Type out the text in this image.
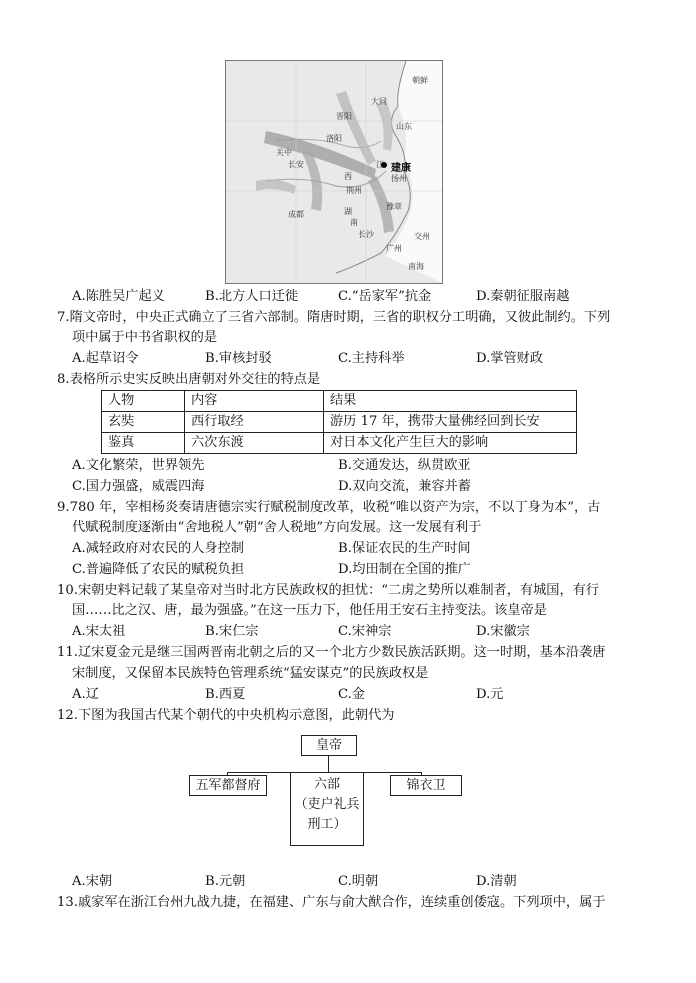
大同
晋阳
洛阳
关中
长安	建康
成都
荆州
长沙
扬州
江
西
湖
南
广州
交州
南海
山东
豫章
朝鲜
A.陈胜吴广起义	B.北方人口迁徙	C.“岳家军”抗金	D.秦朝征服南越
7.隋文帝时，中央正式确立了三省六部制。隋唐时期，三省的职权分工明确，又彼此制约。下列
项中属于中书省职权的是
A.起草诏令	B.审核封驳	C.主持科举	D.掌管财政
8.表格所示史实反映出唐朝对外交往的特点是
人物	内容	结果
玄奘	西行取经	游历 17 年，携带大量佛经回到长安
鉴真	六次东渡	对日本文化产生巨大的影响
A.文化繁荣，世界领先	B.交通发达，纵贯欧亚
C.国力强盛，威震四海	D.双向交流，兼容并蓄
9.780 年，宰相杨炎奏请唐德宗实行赋税制度改革，收税“唯以资产为宗，不以丁身为本”，古
代赋税制度逐渐由“舍地税人”朝“舍人税地”方向发展。这一发展有利于
A.减轻政府对农民的人身控制	B.保证农民的生产时间
C.普遍降低了农民的赋税负担	D.均田制在全国的推广
10.宋朝史料记载了某皇帝对当时北方民族政权的担忧：“二虏之势所以难制者，有城国，有行
国……比之汉、唐，最为强盛。”在这一压力下，他任用王安石主持变法。该皇帝是
A.宋太祖	B.宋仁宗	C.宋神宗	D.宋徽宗
11.辽宋夏金元是继三国两晋南北朝之后的又一个北方少数民族活跃期。这一时期，基本沿袭唐
宋制度，又保留本民族特色管理系统“猛安谋克”的民族政权是
A.辽	B.西夏	C.金	D.元
12.下图为我国古代某个朝代的中央机构示意图，此朝代为
皇帝
五军都督府	六部
（吏户礼兵
刑工）
锦衣卫
A.宋朝	B.元朝	C.明朝	D.清朝
13.戚家军在浙江台州九战九捷，在福建、广东与俞大猷合作，连续重创倭寇。下列项中，属于
